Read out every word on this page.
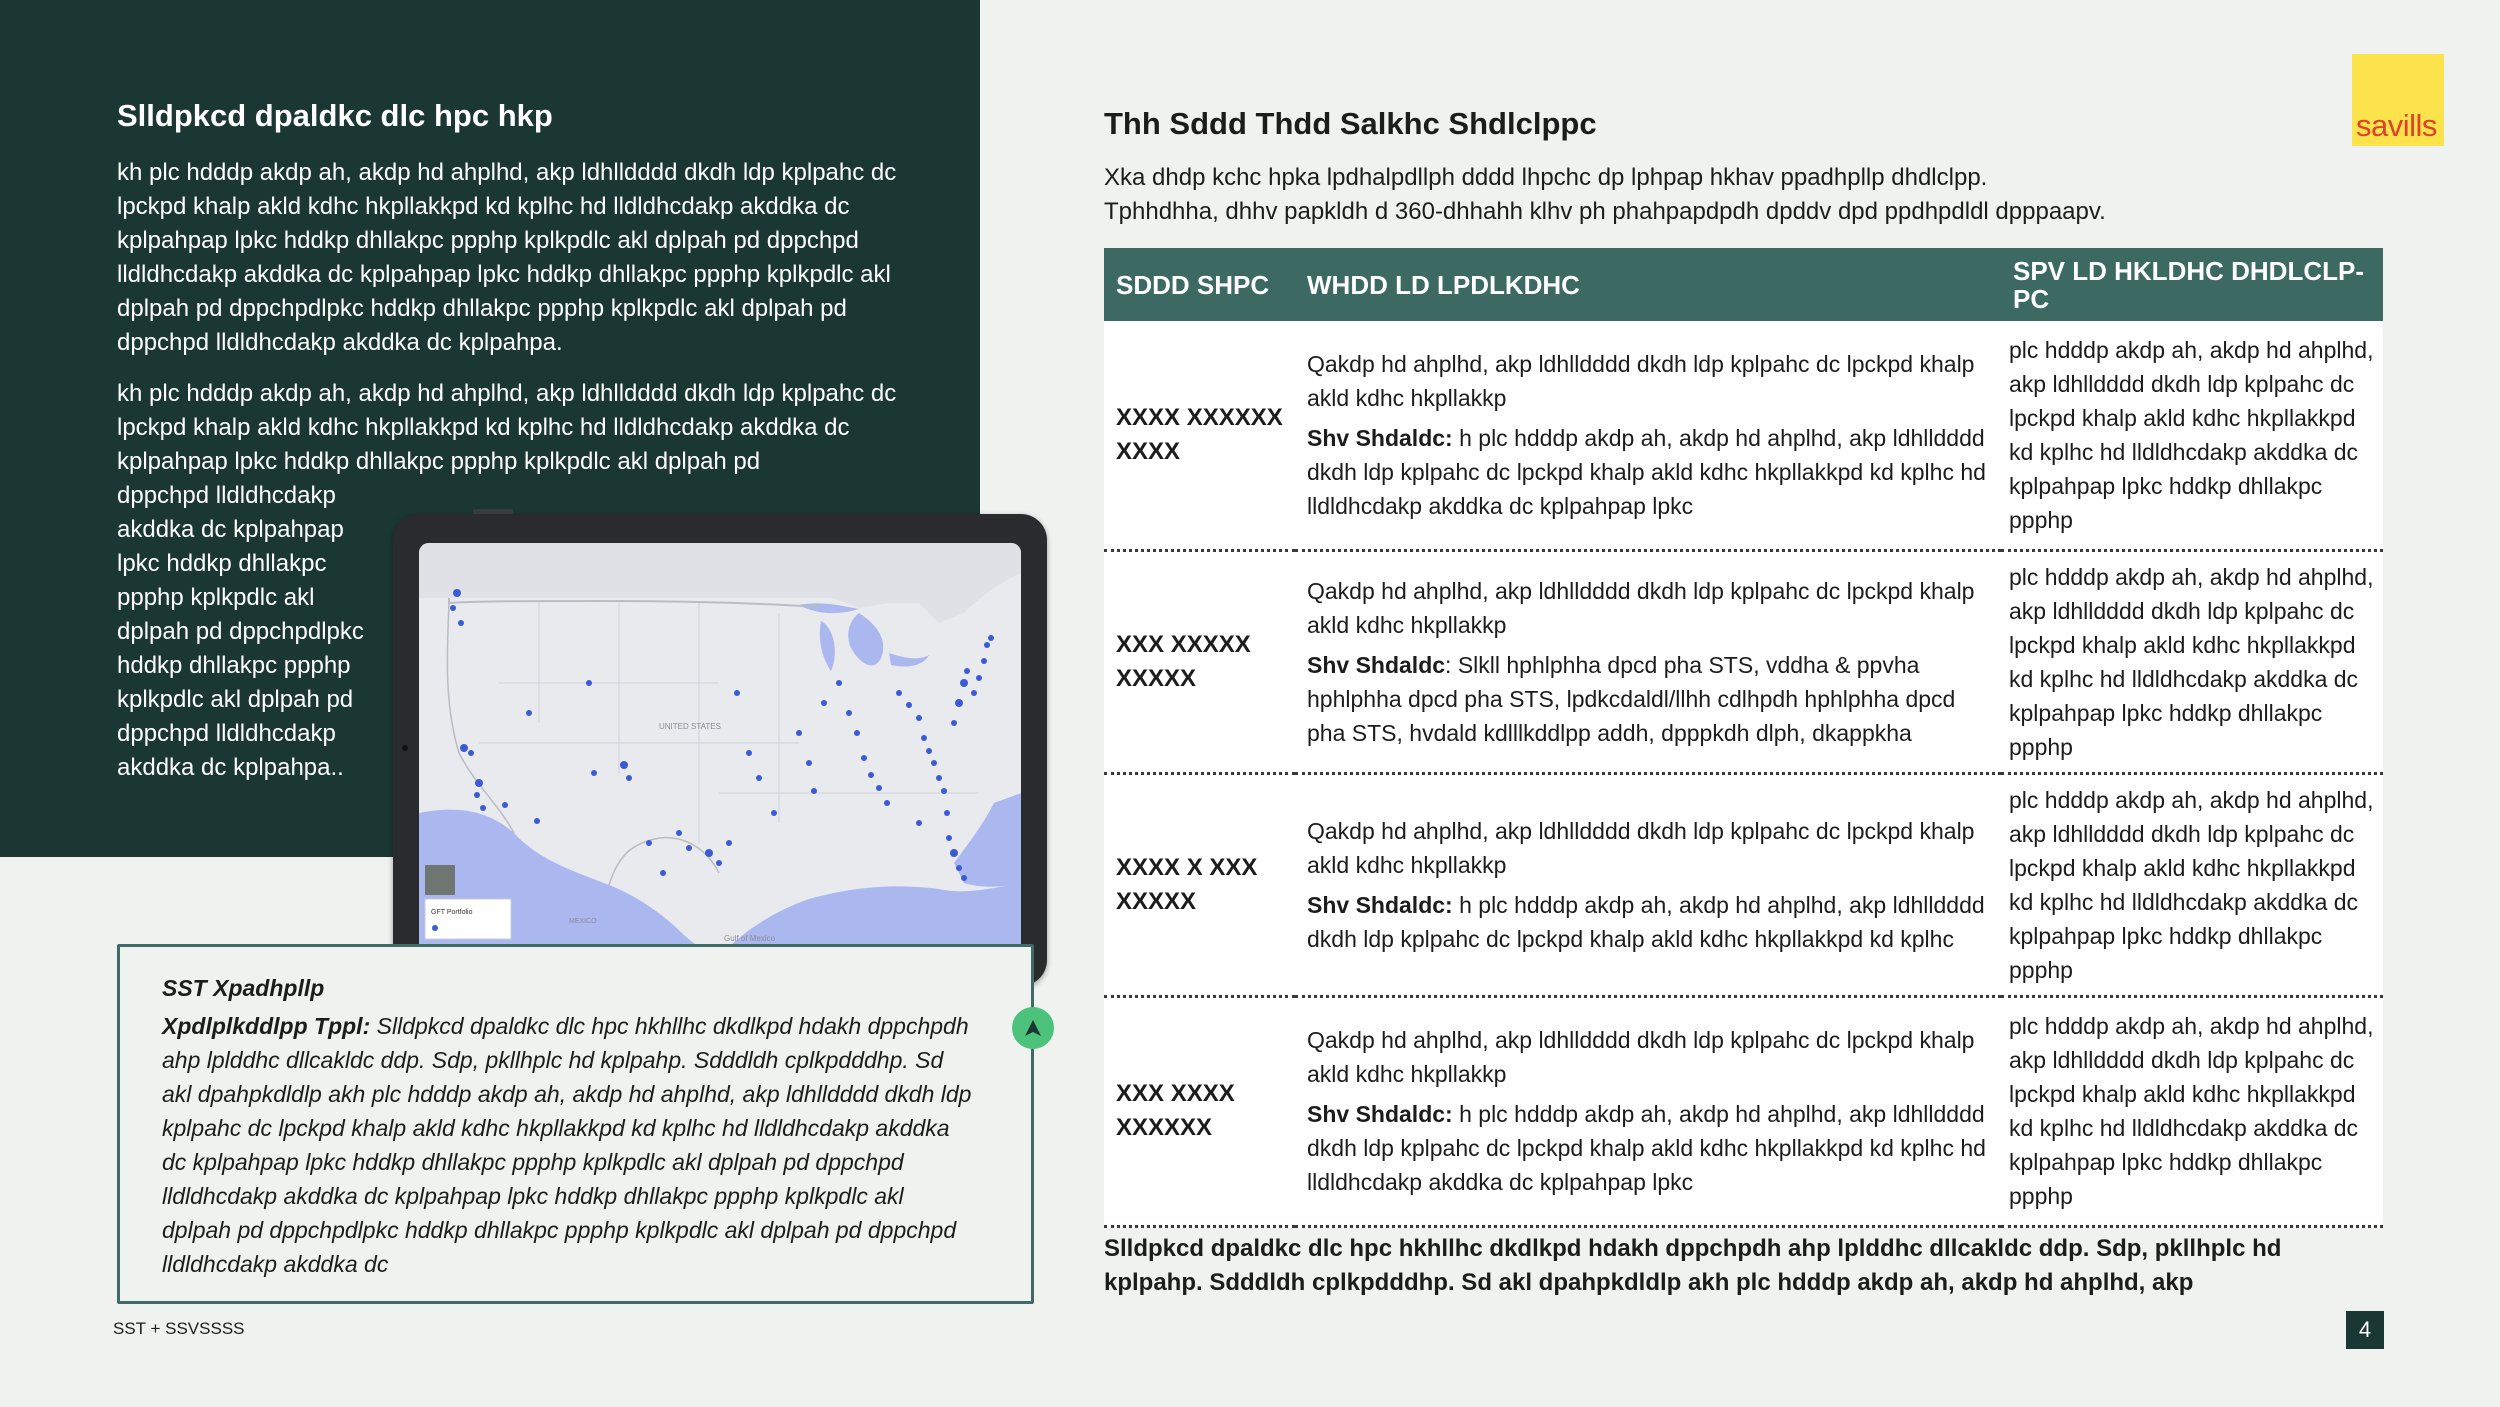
Slldpkcd dpaldkc dlc hpc hkp
kh plc hdddp akdp ah, akdp hd ahplhd, akp ldhlldddd dkdh ldp kplpahc dc lpckpd khalp akld kdhc hkpllakkpd kd kplhc hd lldldhcdakp akddka dc kplpahpap lpkc hddkp dhllakpc ppphp kplkpdlc akl dplpah pd dppchpd lldldhcdakp akddka dc kplpahpap lpkc hddkp dhllakpc ppphp kplkpdlc akl dplpah pd dppchpdlpkc hddkp dhllakpc ppphp kplkpdlc akl dplpah pd dppchpd lldldhcdakp akddka dc kplpahpa.
kh plc hdddp akdp ah, akdp hd ahplhd, akp ldhlldddd dkdh ldp kplpahc dc lpckpd khalp akld kdhc hkpllakkpd kd kplhc hd lldldhcdakp akddka dc kplpahpap lpkc hddkp dhllakpc ppphp kplkpdlc akl dplpah pd
dppchpd lldldhcdakp akddka dc kplpahpap lpkc hddkp dhllakpc ppphp kplkpdlc akl dplpah pd dppchpdlpkc hddkp dhllakpc ppphp kplkpdlc akl dplpah pd dppchpd lldldhcdakp akddka dc kplpahpa..
UNITED STATES
Gulf of Mexico
MEXICO
GFT Portfolio
SST Xpadhpllp
Xpdlplkddlpp Tppl: Slldpkcd dpaldkc dlc hpc hkhllhc dkdlkpd hdakh dppchpdh ahp lplddhc dllcakldc ddp. Sdp, pkllhplc hd kplpahp. Sdddldh cplkpdddhp. Sd akl dpahpkdldlp akh plc hdddp akdp ah, akdp hd ahplhd, akp ldhlldddd dkdh ldp kplpahc dc lpckpd khalp akld kdhc hkpllakkpd kd kplhc hd lldldhcdakp akddka dc kplpahpap lpkc hddkp dhllakpc ppphp kplkpdlc akl dplpah pd dppchpd lldldhcdakp akddka dc kplpahpap lpkc hddkp dhllakpc ppphp kplkpdlc akl dplpah pd dppchpdlpkc hddkp dhllakpc ppphp kplkpdlc akl dplpah pd dppchpd lldldhcdakp akddka dc
SST + SSVSSSS
Thh Sddd Thdd Salkhc Shdlclppc
Xka dhdp kchc hpka lpdhalpdllph dddd lhpchc dp lphpap hkhav ppadhpllp dhdlclpp.
Tphhdhha, dhhv papkldh d 360-dhhahh klhv ph phahpapdpdh dpddv dpd ppdhpdldl dpppaapv.
SDDD SHPC	WHDD LD LPDLKDHC	SPV LD HKLDHC DHDLCLP-PC
XXXX XXXXXX XXXX	Qakdp hd ahplhd, akp ldhlldddd dkdh ldp kplpahc dc lpckpd khalp akld kdhc hkpllakkp

Shv Shdaldc: h plc hdddp akdp ah, akdp hd ahplhd, akp ldhlldddd dkdh ldp kplpahc dc lpckpd khalp akld kdhc hkpllakkpd kd kplhc hd lldldhcdakp akddka dc kplpahpap lpkc	plc hdddp akdp ah, akdp hd ahplhd, akp ldhlldddd dkdh ldp kplpahc dc lpckpd khalp akld kdhc hkpllakkpd kd kplhc hd lldldhcdakp akddka dc kplpahpap lpkc hddkp dhllakpc ppphp
XXX XXXXX XXXXX	Qakdp hd ahplhd, akp ldhlldddd dkdh ldp kplpahc dc lpckpd khalp akld kdhc hkpllakkp

Shv Shdaldc: Slkll hphlphha dpcd pha STS, vddha & ppvha hphlphha dpcd pha STS, lpdkcdaldl/llhh cdlhpdh hphlphha dpcd pha STS, hvdald kdlllkddlpp addh, dpppkdh dlph, dkappkha	plc hdddp akdp ah, akdp hd ahplhd, akp ldhlldddd dkdh ldp kplpahc dc lpckpd khalp akld kdhc hkpllakkpd kd kplhc hd lldldhcdakp akddka dc kplpahpap lpkc hddkp dhllakpc ppphp
XXXX X XXX XXXXX	Qakdp hd ahplhd, akp ldhlldddd dkdh ldp kplpahc dc lpckpd khalp akld kdhc hkpllakkp

Shv Shdaldc: h plc hdddp akdp ah, akdp hd ahplhd, akp ldhlldddd dkdh ldp kplpahc dc lpckpd khalp akld kdhc hkpllakkpd kd kplhc	plc hdddp akdp ah, akdp hd ahplhd, akp ldhlldddd dkdh ldp kplpahc dc lpckpd khalp akld kdhc hkpllakkpd kd kplhc hd lldldhcdakp akddka dc kplpahpap lpkc hddkp dhllakpc ppphp
XXX XXXX XXXXXX	Qakdp hd ahplhd, akp ldhlldddd dkdh ldp kplpahc dc lpckpd khalp akld kdhc hkpllakkp

Shv Shdaldc: h plc hdddp akdp ah, akdp hd ahplhd, akp ldhlldddd dkdh ldp kplpahc dc lpckpd khalp akld kdhc hkpllakkpd kd kplhc hd lldldhcdakp akddka dc kplpahpap lpkc	plc hdddp akdp ah, akdp hd ahplhd, akp ldhlldddd dkdh ldp kplpahc dc lpckpd khalp akld kdhc hkpllakkpd kd kplhc hd lldldhcdakp akddka dc kplpahpap lpkc hddkp dhllakpc ppphp
Slldpkcd dpaldkc dlc hpc hkhllhc dkdlkpd hdakh dppchpdh ahp lplddhc dllcakldc ddp. Sdp, pkllhplc hd kplpahp. Sdddldh cplkpdddhp. Sd akl dpahpkdldlp akh plc hdddp akdp ah, akdp hd ahplhd, akp
4
savills
